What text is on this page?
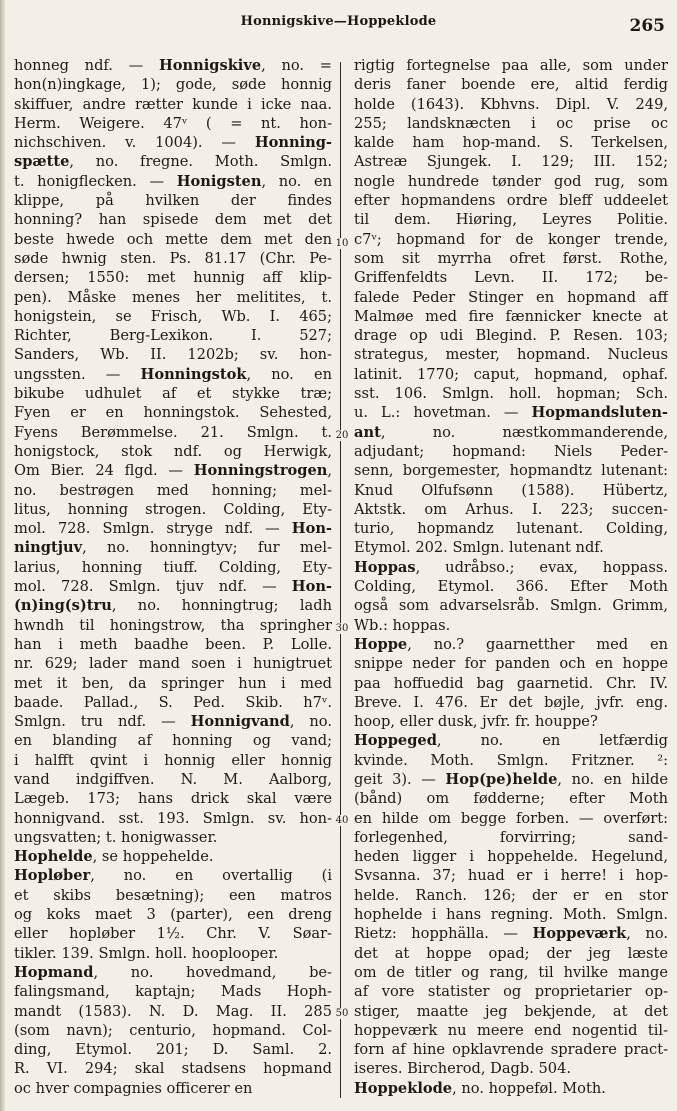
Honnigskive—Hoppeklode	265
honneg ndf. — Honnigskive, no. =
hon(n)ingkage, 1); gode, søde honnig
skiffuer, andre rætter kunde i icke naa.
Herm. Weigere. 47ᵛ ( = nt. hon-
nichschiven. v. 1004). — Honning-
spætte, no. fregne. Moth. Smlgn.
t. honigflecken. — Honigsten, no. en
klippe, på hvilken der findes
honning? han spisede dem met det
beste hwede och mette dem met den
søde hwnig sten. Ps. 81.17 (Chr. Pe-
dersen; 1550: met hunnig aff klip-
pen). Måske menes her melitites, t.
honigstein, se Frisch, Wb. I. 465;
Richter, Berg-Lexikon. I. 527;
Sanders, Wb. II. 1202b; sv. hon-
ungssten. — Honningstok, no. en
bikube udhulet af et stykke træ;
Fyen er en honningstok. Sehested,
Fyens Berømmelse. 21. Smlgn. t.
honigstock, stok ndf. og Herwigk,
Om Bier. 24 flgd. — Honningstrogen,
no. bestrøgen med honning; mel-
litus, honning strogen. Colding, Ety-
mol. 728. Smlgn. stryge ndf. — Hon-
ningtjuv, no. honningtyv; fur mel-
larius, honning tiuff. Colding, Ety-
mol. 728. Smlgn. tjuv ndf. — Hon-
(n)ing(s)tru, no. honningtrug; ladh
hwndh til honingstrow, tha springher
han i meth baadhe been. P. Lolle.
nr. 629; lader mand soen i hunigtruet
met it ben, da springer hun i med
baade. Pallad., S. Ped. Skib. h7ᵛ.
Smlgn. tru ndf. — Honnigvand, no.
en blanding af honning og vand;
i halfft qvint i honnig eller honnig
vand indgiffven. N. M. Aalborg,
Lægeb. 173; hans drick skal være
honnigvand. sst. 193. Smlgn. sv. hon-
ungsvatten; t. honigwasser.
Hophelde, se hoppehelde.
Hopløber, no. en overtallig (i
et skibs besætning); een matros
og koks maet 3 (parter), een dreng
eller hopløber 1½. Chr. V. Søar-
tikler. 139. Smlgn. holl. hooplooper.
Hopmand, no. hovedmand, be-
falingsmand, kaptajn; Mads Hoph-
mandt (1583). N. D. Mag. II. 285
(som navn); centurio, hopmand. Col-
ding, Etymol. 201; D. Saml. 2.
R. VI. 294; skal stadsens hopmand
oc hver compagnies officerer en
rigtig fortegnelse paa alle, som under
deris faner boende ere, altid ferdig
holde (1643). Kbhvns. Dipl. V. 249,
255; landsknæcten i oc prise oc
kalde ham hop-mand. S. Terkelsen,
Astreæ Sjungek. I. 129; III. 152;
nogle hundrede tønder god rug, som
efter hopmandens ordre bleff uddeelet
til dem. Hiøring, Leyres Politie.
c7ᵛ; hopmand for de konger trende,
som sit myrrha ofret først. Rothe,
Griffenfeldts Levn. II. 172; be-
falede Peder Stinger en hopmand aff
Malmøe med fire fænnicker knecte at
drage op udi Blegind. P. Resen. 103;
strategus, mester, hopmand. Nucleus
latinit. 1770; caput, hopmand, ophaf.
sst. 106. Smlgn. holl. hopman; Sch.
u. L.: hovetman. — Hopmandsluten-
ant, no. næstkommanderende,
adjudant; hopmand: Niels Peder-
senn, borgemester, hopmandtz lutenant:
Knud Olfufsønn (1588). Hübertz,
Aktstk. om Arhus. I. 223; succen-
turio, hopmandz lutenant. Colding,
Etymol. 202. Smlgn. lutenant ndf.
Hoppas, udråbso.; evax, hoppass.
Colding, Etymol. 366. Efter Moth
også som advarselsråb. Smlgn. Grimm,
Wb.: hoppas.
Hoppe, no.? gaarnetther med en
snippe neder for panden och en hoppe
paa hoffuedid bag gaarnetid. Chr. IV.
Breve. I. 476. Er det bøjle, jvfr. eng.
hoop, eller dusk, jvfr. fr. houppe?
Hoppeged, no. en letfærdig
kvinde. Moth. Smlgn. Fritzner. ²:
geit 3). — Hop(pe)helde, no. en hilde
(bånd) om fødderne; efter Moth
en hilde om begge forben. — overført:
forlegenhed, forvirring; sand-
heden ligger i hoppehelde. Hegelund,
Svsanna. 37; huad er i herre! i hop-
helde. Ranch. 126; der er en stor
hophelde i hans regning. Moth. Smlgn.
Rietz: hopphälla. — Hoppeværk, no.
det at hoppe opad; der jeg læste
om de titler og rang, til hvilke mange
af vore statister og proprietarier op-
stiger, maatte jeg bekjende, at det
hoppeværk nu meere end nogentid til-
forn af hine opklavrende spradere pract-
iseres. Bircherod, Dagb. 504.
Hoppeklode, no. hoppeføl. Moth.
10
20
30
40
50
